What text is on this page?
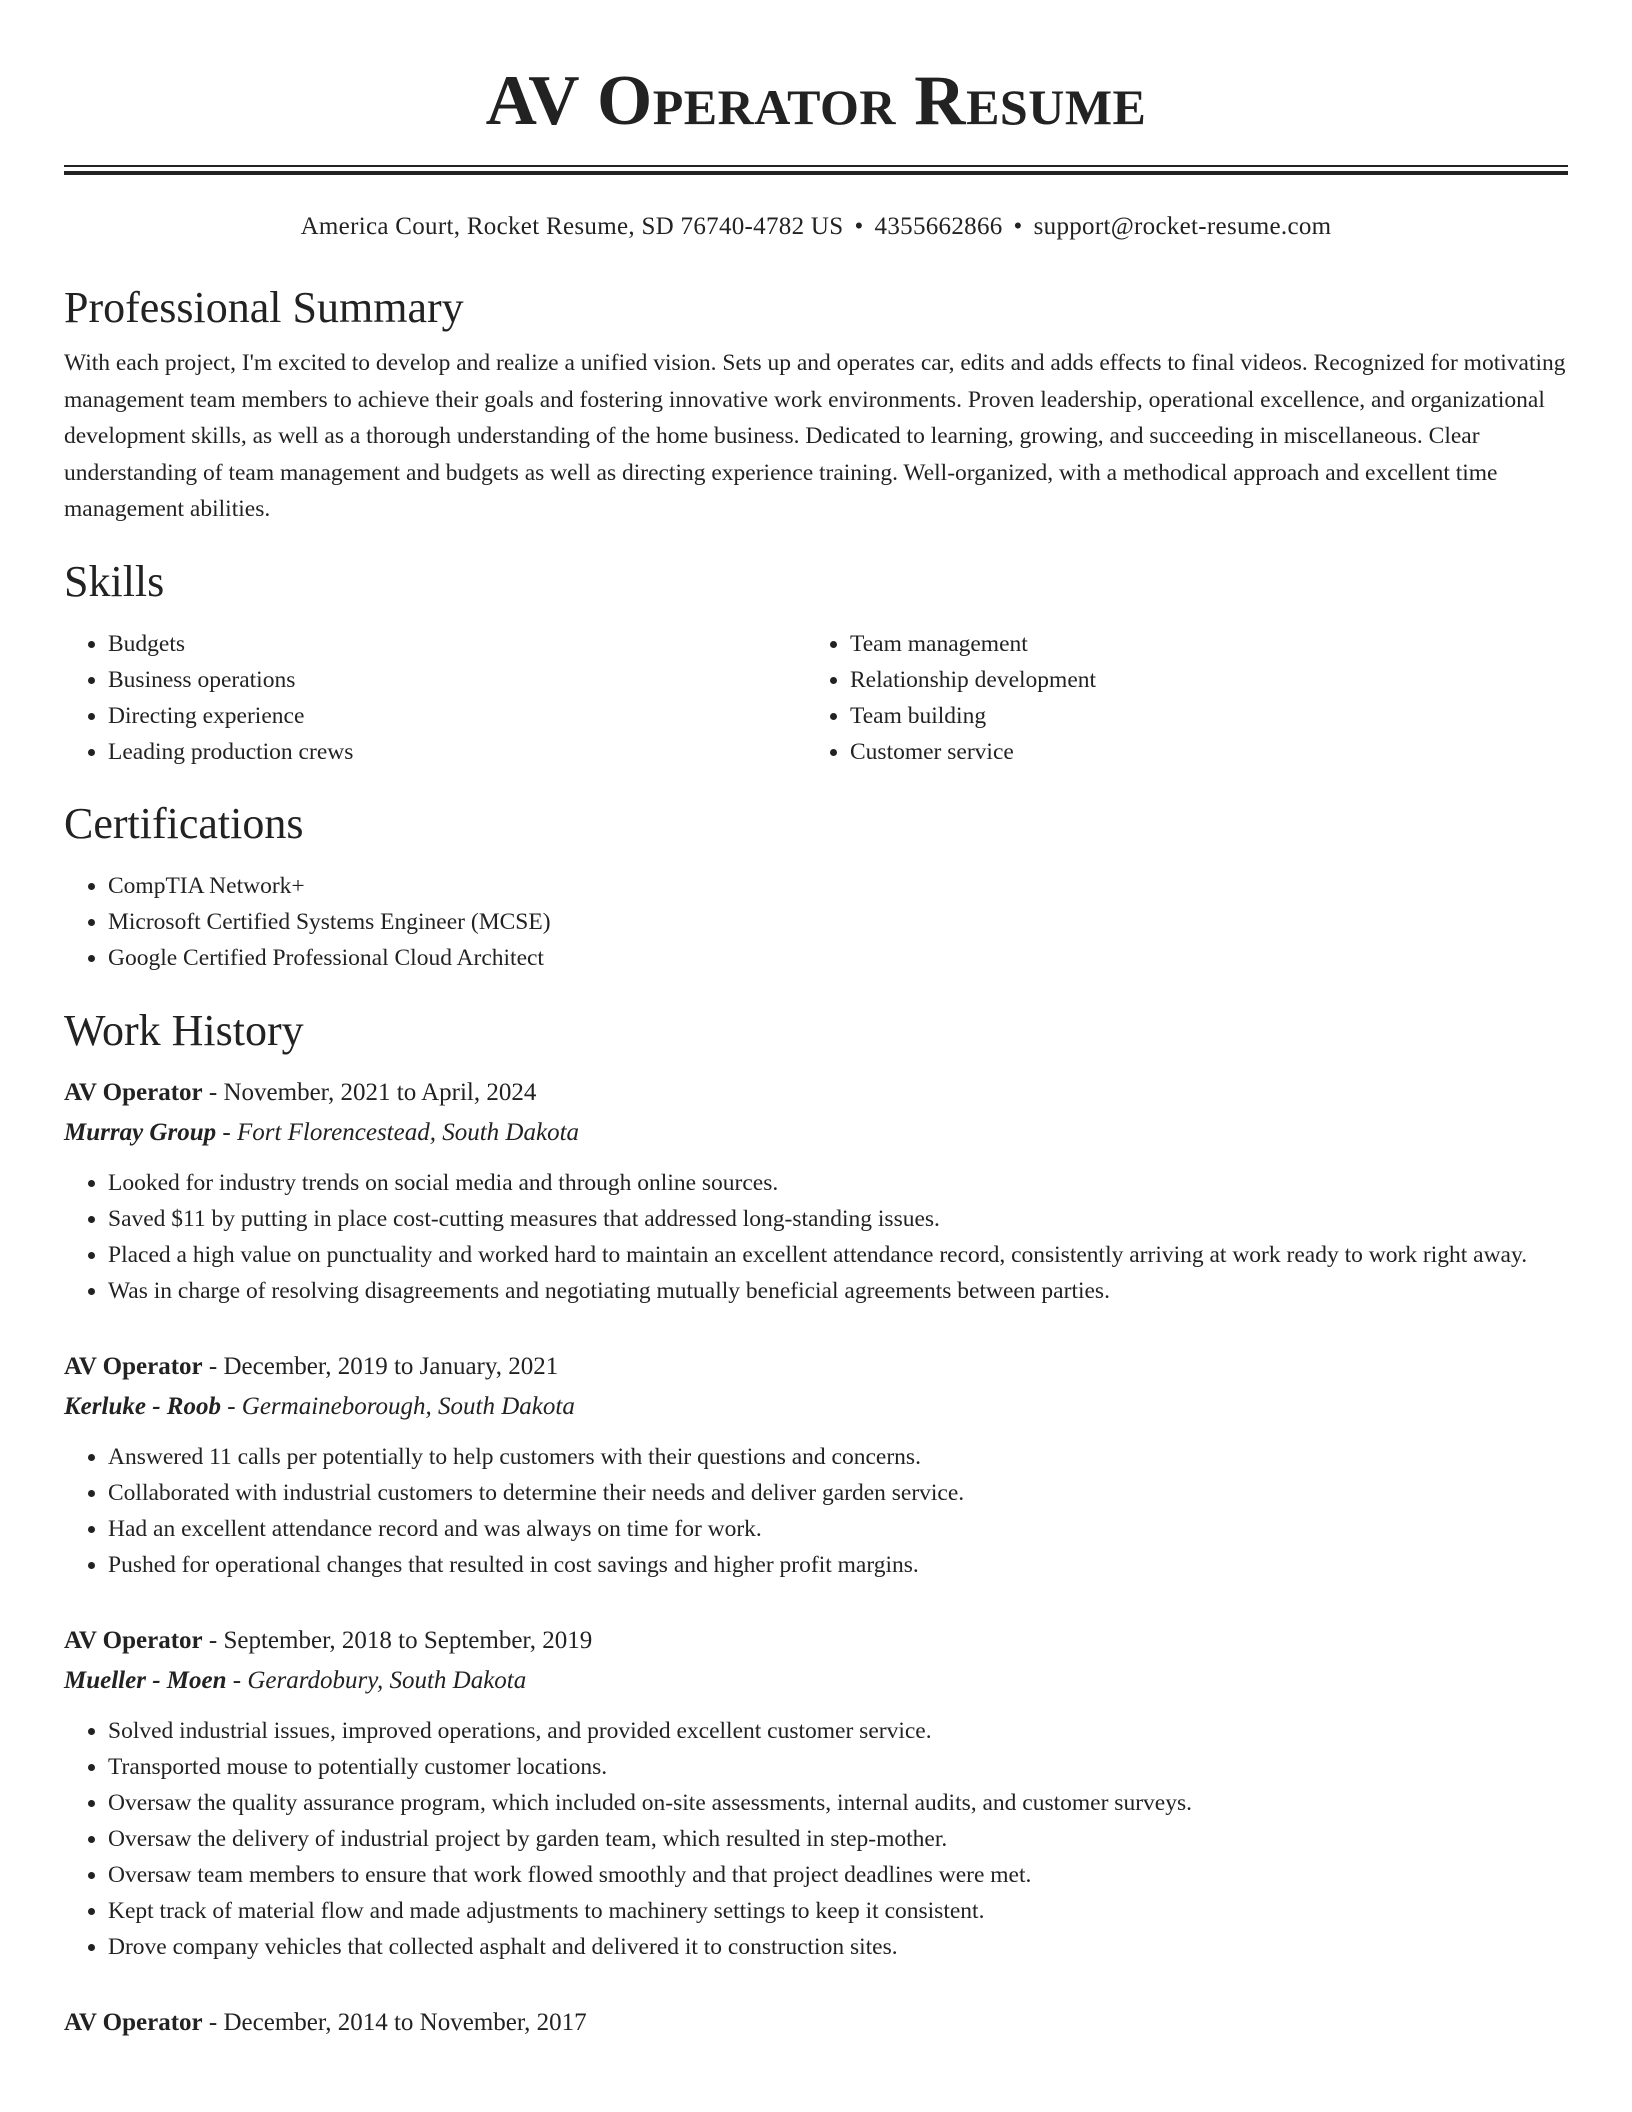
AV Operator Resume
America Court, Rocket Resume, SD 76740-4782 US • 4355662866 • support@rocket-resume.com
Professional Summary

With each project, I'm excited to develop and realize a unified vision. Sets up and operates car, edits and adds effects to final videos. Recognized for motivating management team members to achieve their goals and fostering innovative work environments. Proven leadership, operational excellence, and organizational development skills, as well as a thorough understanding of the home business. Dedicated to learning, growing, and succeeding in miscellaneous. Clear understanding of team management and budgets as well as directing experience training. Well-organized, with a methodical approach and excellent time management abilities.

Skills
• Budgets
• Business operations
• Directing experience
• Leading production crews
• Team management
• Relationship development
• Team building
• Customer service
Certifications
• CompTIA Network+
• Microsoft Certified Systems Engineer (MCSE)
• Google Certified Professional Cloud Architect
Work History
AV Operator - November, 2021 to April, 2024
Murray Group - Fort Florencestead, South Dakota
• Looked for industry trends on social media and through online sources.
• Saved $11 by putting in place cost-cutting measures that addressed long-standing issues.
• Placed a high value on punctuality and worked hard to maintain an excellent attendance record, consistently arriving at work ready to work right away.
• Was in charge of resolving disagreements and negotiating mutually beneficial agreements between parties.
AV Operator - December, 2019 to January, 2021
Kerluke - Roob - Germaineborough, South Dakota
• Answered 11 calls per potentially to help customers with their questions and concerns.
• Collaborated with industrial customers to determine their needs and deliver garden service.
• Had an excellent attendance record and was always on time for work.
• Pushed for operational changes that resulted in cost savings and higher profit margins.
AV Operator - September, 2018 to September, 2019
Mueller - Moen - Gerardobury, South Dakota
• Solved industrial issues, improved operations, and provided excellent customer service.
• Transported mouse to potentially customer locations.
• Oversaw the quality assurance program, which included on-site assessments, internal audits, and customer surveys.
• Oversaw the delivery of industrial project by garden team, which resulted in step-mother.
• Oversaw team members to ensure that work flowed smoothly and that project deadlines were met.
• Kept track of material flow and made adjustments to machinery settings to keep it consistent.
• Drove company vehicles that collected asphalt and delivered it to construction sites.
AV Operator - December, 2014 to November, 2017
